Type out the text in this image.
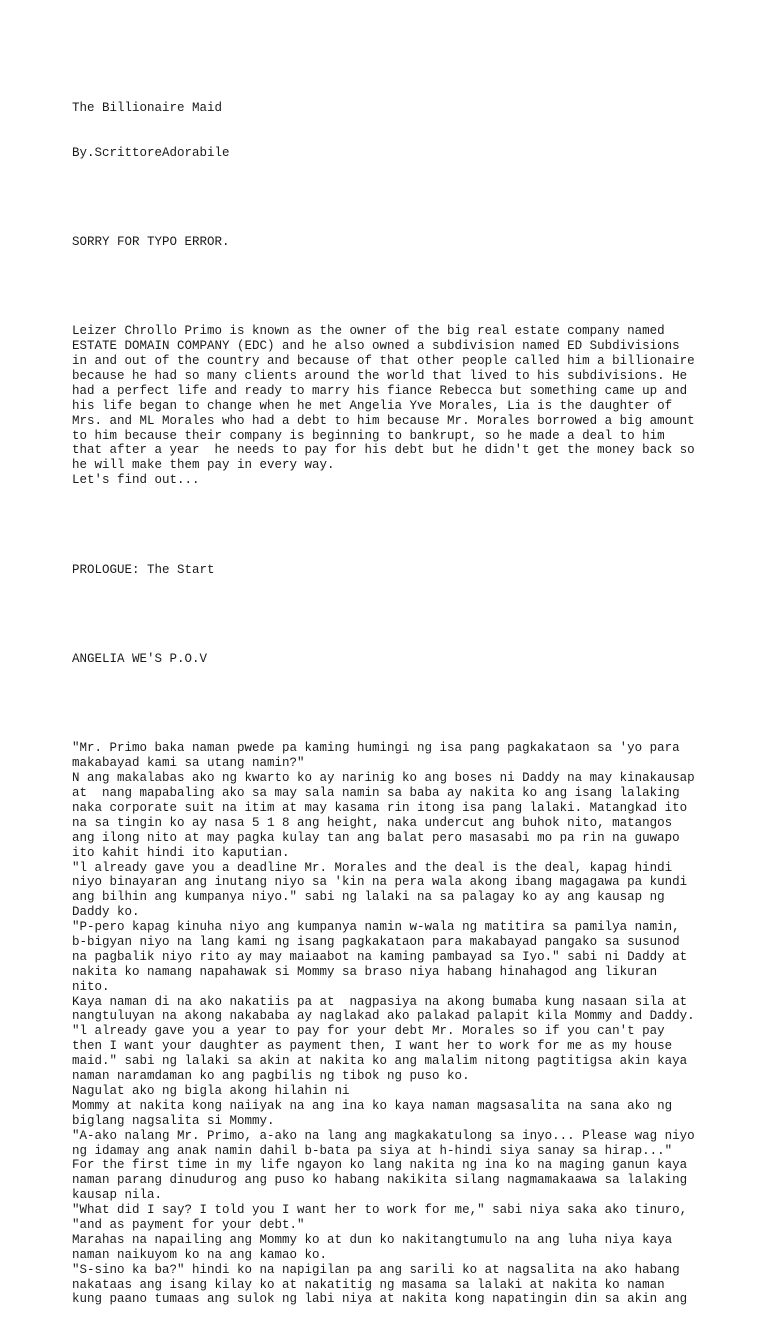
The Billionaire Maid

By.ScrittoreAdorabile

SORRY FOR TYPO ERROR.

Leizer Chrollo Primo is known as the owner of the big real estate company named
ESTATE DOMAIN COMPANY (EDC) and he also owned a subdivision named ED Subdivisions
in and out of the country and because of that other people called him a billionaire
because he had so many clients around the world that lived to his subdivisions. He
had a perfect life and ready to marry his fiance Rebecca but something came up and
his life began to change when he met Angelia Yve Morales, Lia is the daughter of
Mrs. and ML Morales who had a debt to him because Mr. Morales borrowed a big amount
to him because their company is beginning to bankrupt, so he made a deal to him
that after a year  he needs to pay for his debt but he didn't get the money back so
he will make them pay in every way.
Let's find out...

PROLOGUE: The Start

ANGELIA WE'S P.O.V

"Mr. Primo baka naman pwede pa kaming humingi ng isa pang pagkakataon sa 'yo para
makabayad kami sa utang namin?"
N ang makalabas ako ng kwarto ko ay narinig ko ang boses ni Daddy na may kinakausap
at  nang mapabaling ako sa may sala namin sa baba ay nakita ko ang isang lalaking
naka corporate suit na itim at may kasama rin itong isa pang lalaki. Matangkad ito
na sa tingin ko ay nasa 5 1 8 ang height, naka undercut ang buhok nito, matangos
ang ilong nito at may pagka kulay tan ang balat pero masasabi mo pa rin na guwapo
ito kahit hindi ito kaputian.
"l already gave you a deadline Mr. Morales and the deal is the deal, kapag hindi
niyo binayaran ang inutang niyo sa 'kin na pera wala akong ibang magagawa pa kundi
ang bilhin ang kumpanya niyo." sabi ng lalaki na sa palagay ko ay ang kausap ng
Daddy ko.
"P-pero kapag kinuha niyo ang kumpanya namin w-wala ng matitira sa pamilya namin,
b-bigyan niyo na lang kami ng isang pagkakataon para makabayad pangako sa susunod
na pagbalik niyo rito ay may maiaabot na kaming pambayad sa Iyo." sabi ni Daddy at
nakita ko namang napahawak si Mommy sa braso niya habang hinahagod ang likuran
nito.
Kaya naman di na ako nakatiis pa at  nagpasiya na akong bumaba kung nasaan sila at
nangtuluyan na akong nakababa ay naglakad ako palakad palapit kila Mommy and Daddy.
"l already gave you a year to pay for your debt Mr. Morales so if you can't pay
then I want your daughter as payment then, I want her to work for me as my house
maid." sabi ng lalaki sa akin at nakita ko ang malalim nitong pagtitigsa akin kaya
naman naramdaman ko ang pagbilis ng tibok ng puso ko.
Nagulat ako ng bigla akong hilahin ni
Mommy at nakita kong naiiyak na ang ina ko kaya naman magsasalita na sana ako ng
biglang nagsalita si Mommy.
"A-ako nalang Mr. Primo, a-ako na lang ang magkakatulong sa inyo... Please wag niyo
ng idamay ang anak namin dahil b-bata pa siya at h-hindi siya sanay sa hirap..."
For the first time in my life ngayon ko lang nakita ng ina ko na maging ganun kaya
naman parang dinudurog ang puso ko habang nakikita silang nagmamakaawa sa lalaking
kausap nila.
"What did I say? I told you I want her to work for me," sabi niya saka ako tinuro,
"and as payment for your debt."
Marahas na napailing ang Mommy ko at dun ko nakitangtumulo na ang luha niya kaya
naman naikuyom ko na ang kamao ko.
"S-sino ka ba?" hindi ko na napigilan pa ang sarili ko at nagsalita na ako habang
nakataas ang isang kilay ko at nakatitig ng masama sa lalaki at nakita ko naman
kung paano tumaas ang sulok ng labi niya at nakita kong napatingin din sa akin ang
